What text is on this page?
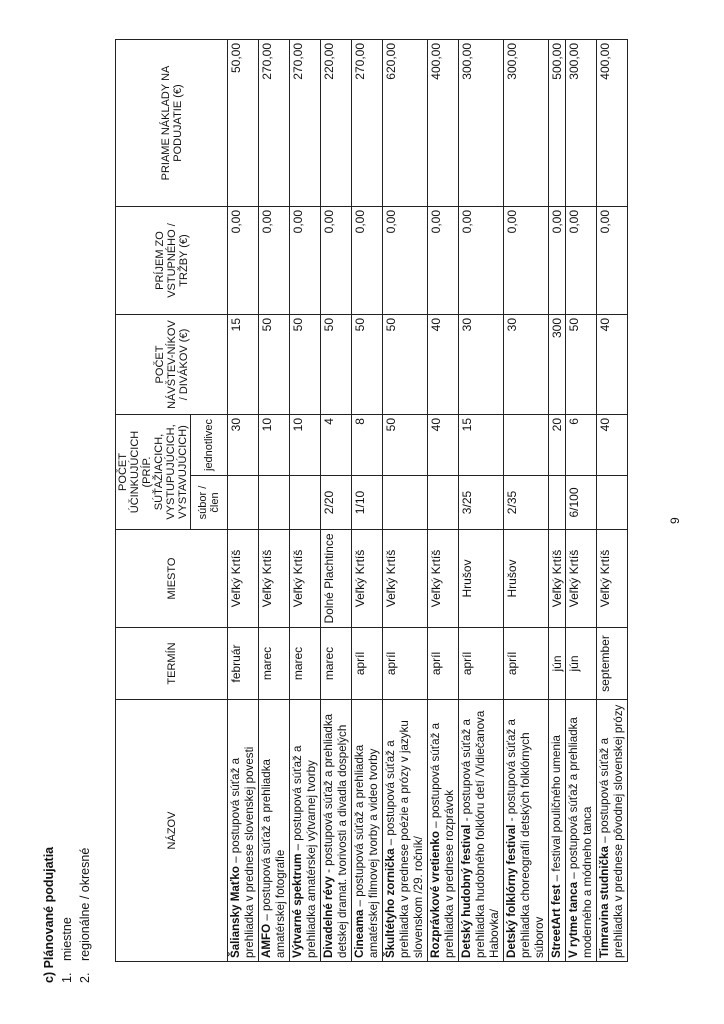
c) Plánované podujatia 1.miestne
2.regionálne / okresné
NÁZOV	TERMÍN	MIESTO	POČET ÚČINKUJÚCICH (PRÍP. SÚŤAŽIACICH, VYSTUPUJÚCICH, VYSTAVUJÚCICH)		POČET NÁVŠTEV-NÍKOV / DIVÁKOV (€)	PRÍJEM ZO VSTUPNÉHO / TRŽBY (€)	PRIAME NÁKLADY NA PODUJATIE (€)
			súbor / člen	jednotlivec			
Šaliansky Maťko – postupová súťaž a prehliadka v prednese slovenskej povesti	február	Veľký Krtíš		30	15	0,00	50,00
AMFO – postupová súťaž a prehliadka amatérskej fotografie	marec	Veľký Krtíš		10	50	0,00	270,00
Výtvarné spektrum – postupová súťaž a prehliadka amatérskej výtvarnej tvorby	marec	Veľký Krtíš		10	50	0,00	270,00
Divadelné révy - postupová súťaž a prehliadka detskej dramat. tvorivosti a divadla dospelých	marec	Dolné Plachtince	2/20	4	50	0,00	220,00
Cineama – postupová súťaž a prehliadka amatérskej filmovej tvorby a video tvorby	apríl	Veľký Krtíš	1/10	8	50	0,00	270,00
Škultétyho zornička – postupová súťaž a prehliadka v prednese poézie a prózy v jazyku slovenskom /29. ročník/	apríl	Veľký Krtíš		50	50	0,00	620,00
Rozprávkové vretienko – postupová súťaž a prehliadka v prednese rozprávok	apríl	Veľký Krtíš		40	40	0,00	400,00
Detský hudobný festival - postupová súťaž a prehliadka hudobného folklóru detí /Vidiečanova Habovka/	apríl	Hrušov	3/25	15	30	0,00	300,00
Detský folklórny festival - postupová súťaž a prehliadka choreografií detských folklórnych súborov	apríl	Hrušov	2/35		30	0,00	300,00
StreetArt fest – festival pouličného umenia	jún	Veľký Krtíš		20	300	0,00	500,00
V rytme tanca – postupová súťaž a prehliadka moderného a módneho tanca	jún	Veľký Krtíš	6/100	6	50	0,00	300,00
Timravina studnička – postupová súťaž a prehliadka v prednese pôvodnej slovenskej prózy	september	Veľký Krtíš		40	40	0,00	400,00
9
